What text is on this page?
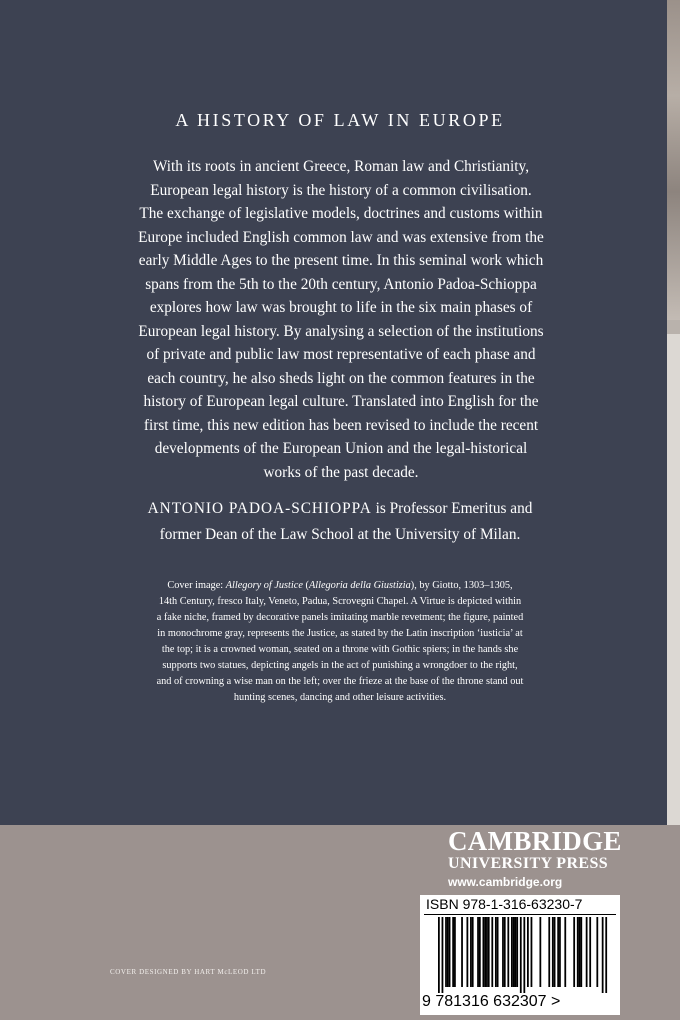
A HISTORY OF LAW IN EUROPE
With its roots in ancient Greece, Roman law and Christianity,
European legal history is the history of a common civilisation.
The exchange of legislative models, doctrines and customs within
Europe included English common law and was extensive from the
early Middle Ages to the present time. In this seminal work which
spans from the 5th to the 20th century, Antonio Padoa-Schioppa
explores how law was brought to life in the six main phases of
European legal history. By analysing a selection of the institutions
of private and public law most representative of each phase and
each country, he also sheds light on the common features in the
history of European legal culture. Translated into English for the
first time, this new edition has been revised to include the recent
developments of the European Union and the legal-historical
works of the past decade.
ANTONIO PADOA-SCHIOPPA is Professor Emeritus and
former Dean of the Law School at the University of Milan.
Cover image: Allegory of Justice (Allegoria della Giustizia), by Giotto, 1303–1305,
14th Century, fresco Italy, Veneto, Padua, Scrovegni Chapel. A Virtue is depicted within
a fake niche, framed by decorative panels imitating marble revetment; the figure, painted
in monochrome gray, represents the Justice, as stated by the Latin inscription ‘iusticia’ at
the top; it is a crowned woman, seated on a throne with Gothic spiers; in the hands she
supports two statues, depicting angels in the act of punishing a wrongdoer to the right,
and of crowning a wise man on the left; over the frieze at the base of the throne stand out
hunting scenes, dancing and other leisure activities.
COVER DESIGNED BY HART McLEOD LTD
CAMBRIDGE
UNIVERSITY PRESS
www.cambridge.org
ISBN 978-1-316-63230-7
9 781316 632307 >
